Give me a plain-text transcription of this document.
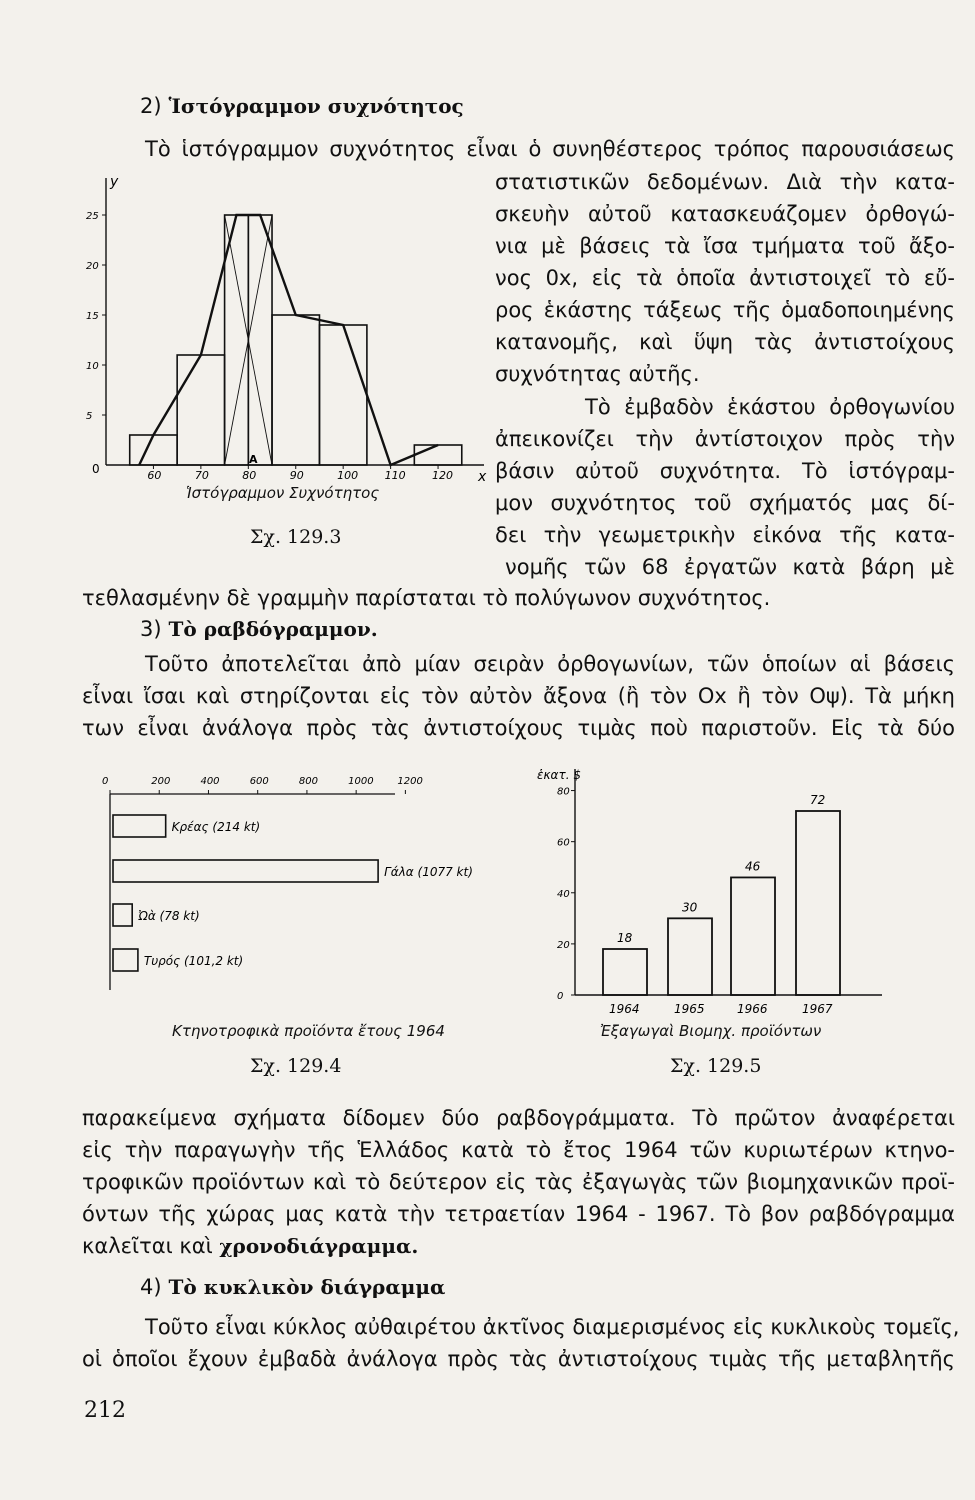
2) Ἱστόγραμμον συχνότητος
Τὸ ἱστόγραμμον συχνότητος εἶναι ὁ συνηθέστερος τρόπος παρουσιάσεως
στατιστικῶν δεδομένων. Διὰ τὴν κατα-
σκευὴν αὐτοῦ κατασκευάζομεν ὀρθογώ-
νια μὲ βάσεις τὰ ἴσα τμήματα τοῦ ἄξο-
νος 0x, εἰς τὰ ὁποῖα ἀντιστοιχεῖ τὸ εὔ-
ρος ἑκάστης τάξεως τῆς ὁμαδοποιημένης
κατανομῆς, καὶ ὕψη τὰς ἀντιστοίχους
συχνότητας αὐτῆς.
Τὸ ἐμβαδὸν ἑκάστου ὀρθογωνίου
ἀπεικονίζει τὴν ἀντίστοιχον πρὸς τὴν
βάσιν αὐτοῦ συχνότητα. Τὸ ἱστόγραμ-
μον συχνότητος τοῦ σχήματός μας δί-
δει τὴν γεωμετρικὴν εἰκόνα τῆς κατα-
νομῆς τῶν 68 ἐργατῶν κατὰ βάρη μὲ
τεθλασμένην δὲ γραμμὴν παρίσταται τὸ πολύγωνον συχνότητος.
y
x
0	60	70	80	90	100 110 120
5
10
15
20
25
A
Ἱστόγραμμον Συχνότητος
Σχ. 129.3
3) Τὸ ραβδόγραμμον.
Τοῦτο ἀποτελεῖται ἀπὸ μίαν σειρὰν ὀρθογωνίων, τῶν ὁποίων αἱ βάσεις
εἶναι ἴσαι καὶ στηρίζονται εἰς τὸν αὐτὸν ἄξονα (ἢ τὸν Ox ἢ τὸν Oψ). Τὰ μήκη
των εἶναι ἀνάλογα πρὸς τὰς ἀντιστοίχους τιμὰς ποὺ παριστοῦν. Εἰς τὰ δύο
0	200	400	600	800	1000 1200
Κρέας (214 kt)
Γάλα (1077 kt)
Ὠὰ (78 kt)
Τυρός (101,2 kt)
Κτηνοτροφικὰ προϊόντα ἔτους 1964
Σχ. 129.4
ἑκατ. $
0
20
40
60
80
18
1964
30
1965
46
1966
72
1967
Ἐξαγωγαὶ Βιομηχ. προϊόντων
Σχ. 129.5
παρακείμενα σχήματα δίδομεν δύο ραβδογράμματα. Τὸ πρῶτον ἀναφέρεται
εἰς τὴν παραγωγὴν τῆς Ἑλλάδος κατὰ τὸ ἔτος 1964 τῶν κυριωτέρων κτηνο-
τροφικῶν προϊόντων καὶ τὸ δεύτερον εἰς τὰς ἐξαγωγὰς τῶν βιομηχανικῶν προϊ-
όντων τῆς χώρας μας κατὰ τὴν τετραετίαν 1964 - 1967. Τὸ βον ραβδόγραμμα
καλεῖται καὶ χρονοδιάγραμμα.
4) Τὸ κυκλικὸν διάγραμμα
Τοῦτο εἶναι κύκλος αὐθαιρέτου ἀκτῖνος διαμερισμένος εἰς κυκλικοὺς τομεῖς,
οἱ ὁποῖοι ἔχουν ἐμβαδὰ ἀνάλογα πρὸς τὰς ἀντιστοίχους τιμὰς τῆς μεταβλητῆς
212
